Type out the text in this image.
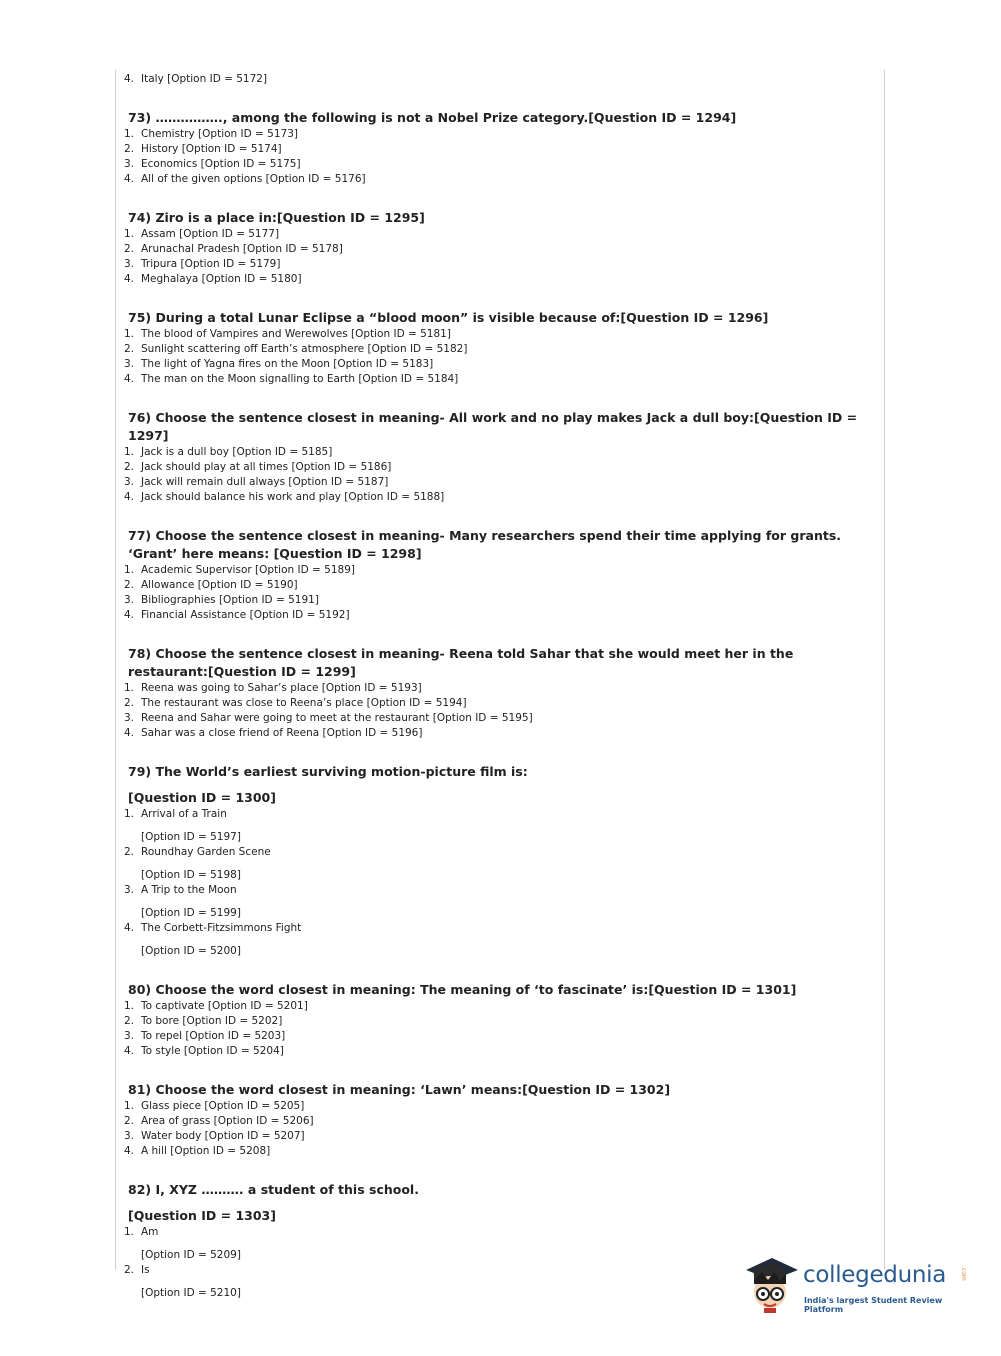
4. Italy [Option ID = 5172]
73) ……………., among the following is not a Nobel Prize category.[Question ID = 1294]
1. Chemistry [Option ID = 5173]
2. History [Option ID = 5174]
3. Economics [Option ID = 5175]
4. All of the given options [Option ID = 5176]
74) Ziro is a place in:[Question ID = 1295]
1. Assam [Option ID = 5177]
2. Arunachal Pradesh [Option ID = 5178]
3. Tripura [Option ID = 5179]
4. Meghalaya [Option ID = 5180]
75) During a total Lunar Eclipse a “blood moon” is visible because of:[Question ID = 1296]
1. The blood of Vampires and Werewolves [Option ID = 5181]
2. Sunlight scattering off Earth’s atmosphere [Option ID = 5182]
3. The light of Yagna fires on the Moon [Option ID = 5183]
4. The man on the Moon signalling to Earth [Option ID = 5184]
76) Choose the sentence closest in meaning- All work and no play makes Jack a dull boy:[Question ID = 1297]
1. Jack is a dull boy [Option ID = 5185]
2. Jack should play at all times [Option ID = 5186]
3. Jack will remain dull always [Option ID = 5187]
4. Jack should balance his work and play [Option ID = 5188]
77) Choose the sentence closest in meaning- Many researchers spend their time applying for grants. ‘Grant’ here means: [Question ID = 1298]
1. Academic Supervisor [Option ID = 5189]
2. Allowance [Option ID = 5190]
3. Bibliographies [Option ID = 5191]
4. Financial Assistance [Option ID = 5192]
78) Choose the sentence closest in meaning- Reena told Sahar that she would meet her in the restaurant:[Question ID = 1299]
1. Reena was going to Sahar’s place [Option ID = 5193]
2. The restaurant was close to Reena’s place [Option ID = 5194]
3. Reena and Sahar were going to meet at the restaurant [Option ID = 5195]
4. Sahar was a close friend of Reena [Option ID = 5196]
79) The World’s earliest surviving motion-picture film is:
[Question ID = 1300]
1. Arrival of a Train
[Option ID = 5197]
2. Roundhay Garden Scene
[Option ID = 5198]
3. A Trip to the Moon
[Option ID = 5199]
4. The Corbett-Fitzsimmons Fight
[Option ID = 5200]
80) Choose the word closest in meaning: The meaning of ‘to fascinate’ is:[Question ID = 1301]
1. To captivate [Option ID = 5201]
2. To bore [Option ID = 5202]
3. To repel [Option ID = 5203]
4. To style [Option ID = 5204]
81) Choose the word closest in meaning: ‘Lawn’ means:[Question ID = 1302]
1. Glass piece [Option ID = 5205]
2. Area of grass [Option ID = 5206]
3. Water body [Option ID = 5207]
4. A hill [Option ID = 5208]
82) I, XYZ ………. a student of this school.
[Question ID = 1303]
1. Am
[Option ID = 5209]
2. Is
[Option ID = 5210]
collegedunia .com
India's largest Student Review Platform
